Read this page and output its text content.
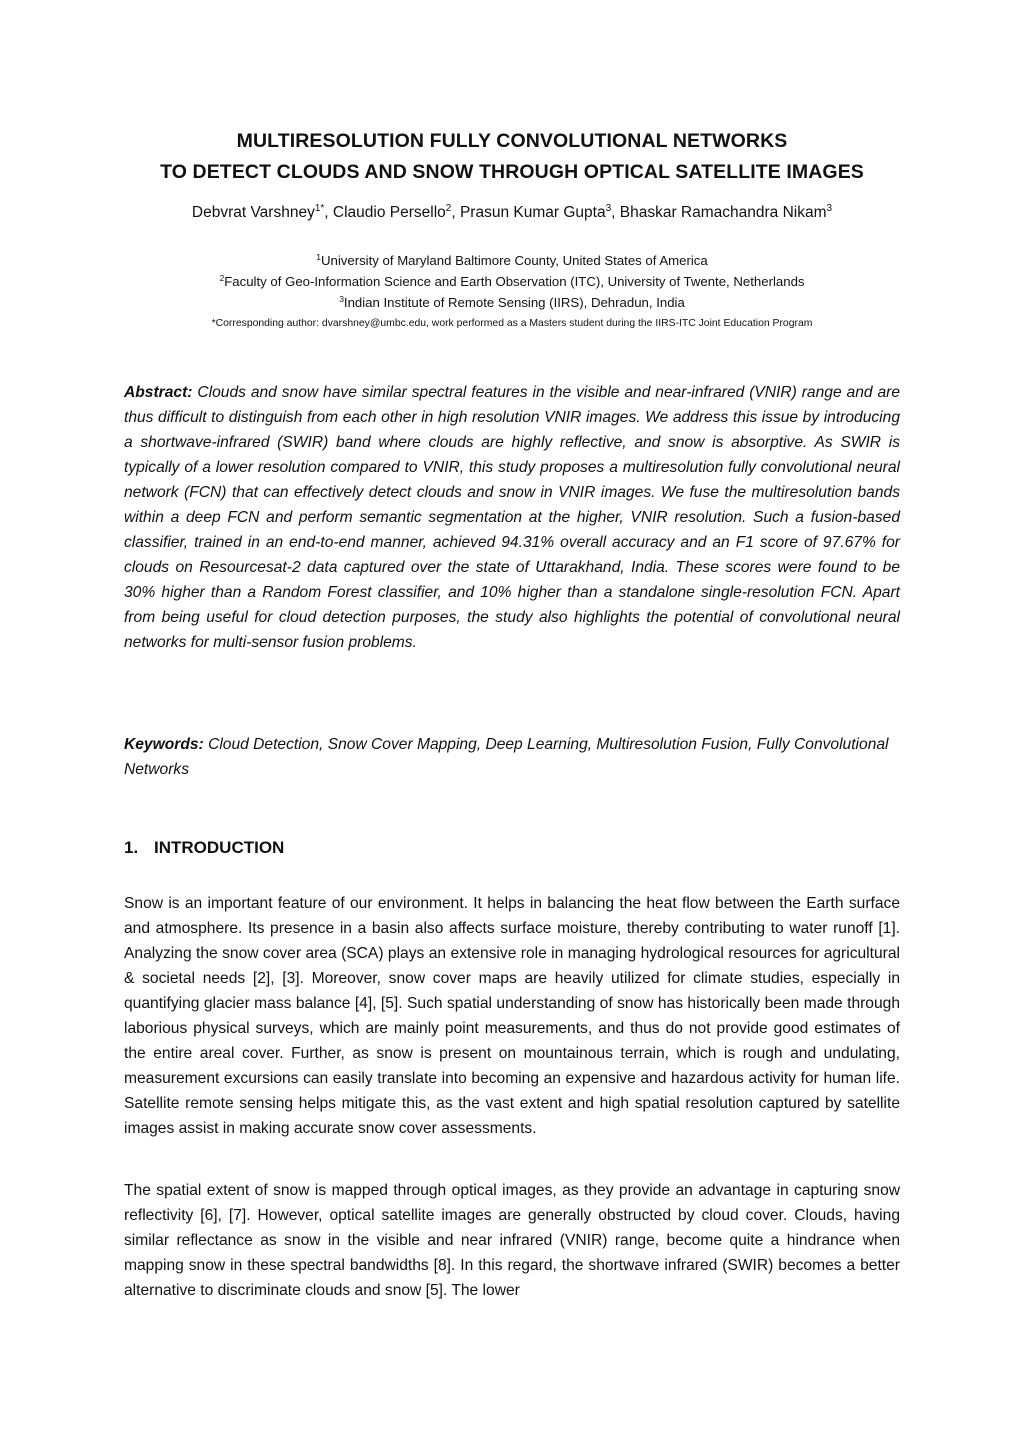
MULTIRESOLUTION FULLY CONVOLUTIONAL NETWORKS
TO DETECT CLOUDS AND SNOW THROUGH OPTICAL SATELLITE IMAGES
Debvrat Varshney$^{1*}$, Claudio Persello$^2$, Prasun Kumar Gupta$^3$, Bhaskar Ramachandra Nikam$^3$
$^1$University of Maryland Baltimore County, United States of America
$^2$Faculty of Geo-Information Science and Earth Observation (ITC), University of Twente, Netherlands
$^3$Indian Institute of Remote Sensing (IIRS), Dehradun, India
*Corresponding author: dvarshney@umbc.edu, work performed as a Masters student during the IIRS-ITC Joint Education Program
Abstract: Clouds and snow have similar spectral features in the visible and near-infrared (VNIR) range and are thus difficult to distinguish from each other in high resolution VNIR images. We address this issue by introducing a shortwave-infrared (SWIR) band where clouds are highly reflective, and snow is absorptive. As SWIR is typically of a lower resolution compared to VNIR, this study proposes a multiresolution fully convolutional neural network (FCN) that can effectively detect clouds and snow in VNIR images. We fuse the multiresolution bands within a deep FCN and perform semantic segmentation at the higher, VNIR resolution. Such a fusion-based classifier, trained in an end-to-end manner, achieved 94.31% overall accuracy and an F1 score of 97.67% for clouds on Resourcesat-2 data captured over the state of Uttarakhand, India. These scores were found to be 30% higher than a Random Forest classifier, and 10% higher than a standalone single-resolution FCN. Apart from being useful for cloud detection purposes, the study also highlights the potential of convolutional neural networks for multi-sensor fusion problems.
Keywords: Cloud Detection, Snow Cover Mapping, Deep Learning, Multiresolution Fusion, Fully Convolutional Networks
1. INTRODUCTION

Snow is an important feature of our environment. It helps in balancing the heat flow between the Earth surface and atmosphere. Its presence in a basin also affects surface moisture, thereby contributing to water runoff [1]. Analyzing the snow cover area (SCA) plays an extensive role in managing hydrological resources for agricultural & societal needs [2], [3]. Moreover, snow cover maps are heavily utilized for climate studies, especially in quantifying glacier mass balance [4], [5]. Such spatial understanding of snow has historically been made through laborious physical surveys, which are mainly point measurements, and thus do not provide good estimates of the entire areal cover. Further, as snow is present on mountainous terrain, which is rough and undulating, measurement excursions can easily translate into becoming an expensive and hazardous activity for human life. Satellite remote sensing helps mitigate this, as the vast extent and high spatial resolution captured by satellite images assist in making accurate snow cover assessments.

The spatial extent of snow is mapped through optical images, as they provide an advantage in capturing snow reflectivity [6], [7]. However, optical satellite images are generally obstructed by cloud cover. Clouds, having similar reflectance as snow in the visible and near infrared (VNIR) range, become quite a hindrance when mapping snow in these spectral bandwidths [8]. In this regard, the shortwave infrared (SWIR) becomes a better alternative to discriminate clouds and snow [5]. The lower
